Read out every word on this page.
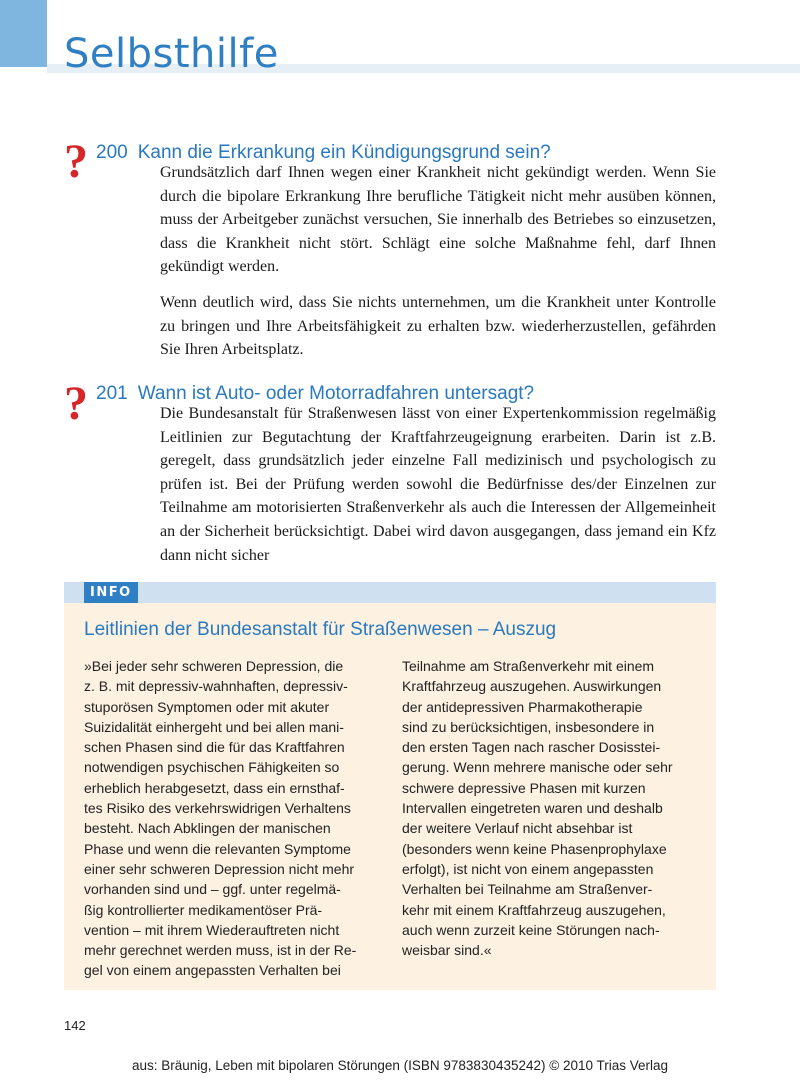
Selbsthilfe
? 200 Kann die Erkrankung ein Kündigungsgrund sein?

Grundsätzlich darf Ihnen wegen einer Krankheit nicht gekündigt werden. Wenn Sie durch die bipolare Erkrankung Ihre berufliche Tätigkeit nicht mehr ausüben können, muss der Arbeitgeber zunächst versuchen, Sie innerhalb des Betriebes so einzusetzen, dass die Krankheit nicht stört. Schlägt eine solche Maßnahme fehl, darf Ihnen gekündigt werden.

Wenn deutlich wird, dass Sie nichts unternehmen, um die Krankheit unter Kontrolle zu bringen und Ihre Arbeitsfähigkeit zu erhalten bzw. wiederherzustellen, gefährden Sie Ihren Arbeitsplatz.

? 201 Wann ist Auto- oder Motorradfahren untersagt?

Die Bundesanstalt für Straßenwesen lässt von einer Expertenkommission regelmäßig Leitlinien zur Begutachtung der Kraftfahrzeugeignung erarbeiten. Darin ist z.B. geregelt, dass grundsätzlich jeder einzelne Fall medizinisch und psychologisch zu prüfen ist. Bei der Prüfung werden sowohl die Bedürfnisse des/der Einzelnen zur Teilnahme am motorisierten Straßenverkehr als auch die Interessen der Allgemeinheit an der Sicherheit berücksichtigt. Dabei wird davon ausgegangen, dass jemand ein Kfz dann nicht sicher

INFO
Leitlinien der Bundesanstalt für Straßenwesen – Auszug
»Bei jeder sehr schweren Depression, die
z. B. mit depressiv-wahnhaften, depressiv-
stuporösen Symptomen oder mit akuter
Suizidalität einhergeht und bei allen mani-
schen Phasen sind die für das Kraftfahren
notwendigen psychischen Fähigkeiten so
erheblich herabgesetzt, dass ein ernsthaf-
tes Risiko des verkehrswidrigen Verhaltens
besteht. Nach Abklingen der manischen
Phase und wenn die relevanten Symptome
einer sehr schweren Depression nicht mehr
vorhanden sind und – ggf. unter regelmä-
ßig kontrollierter medikamentöser Prä-
vention – mit ihrem Wiederauftreten nicht
mehr gerechnet werden muss, ist in der Re-
gel von einem angepassten Verhalten bei
Teilnahme am Straßenverkehr mit einem
Kraftfahrzeug auszugehen. Auswirkungen
der antidepressiven Pharmakotherapie
sind zu berücksichtigen, insbesondere in
den ersten Tagen nach rascher Dosisstei-
gerung. Wenn mehrere manische oder sehr
schwere depressive Phasen mit kurzen
Intervallen eingetreten waren und deshalb
der weitere Verlauf nicht absehbar ist
(besonders wenn keine Phasenprophylaxe
erfolgt), ist nicht von einem angepassten
Verhalten bei Teilnahme am Straßenver-
kehr mit einem Kraftfahrzeug auszugehen,
auch wenn zurzeit keine Störungen nach-
weisbar sind.«
142
aus: Bräunig, Leben mit bipolaren Störungen (ISBN 9783830435242) © 2010 Trias Verlag
